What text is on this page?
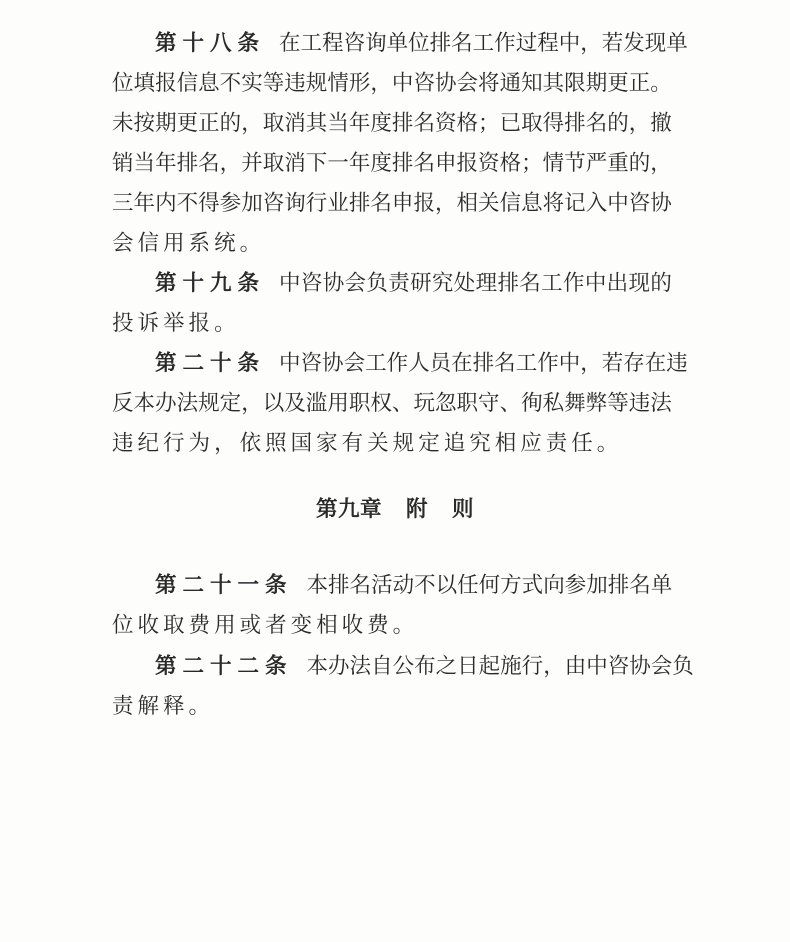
第十八条 在 工 程 咨 询 单 位 排 名 工 作 过 程 中 ， 若 发 现 单
位 填 报 信 息 不 实 等 违 规 情 形 ， 中 咨 协 会 将 通 知 其 限 期 更 正 。
未 按 期 更 正 的 ， 取 消 其 当 年 度 排 名 资 格 ； 已 取 得 排 名 的 ， 撤
销 当 年 排 名 ， 并 取 消 下 一 年 度 排 名 申 报 资 格 ； 情 节 严 重 的 ，
三 年 内 不 得 参 加 咨 询 行 业 排 名 申 报 ， 相 关 信 息 将 记 入 中 咨 协
会 信 用 系 统 。
第十九条 中 咨 协 会 负 责 研 究 处 理 排 名 工 作 中 出 现 的
投 诉 举 报 。
第二十条 中 咨 协 会 工 作 人 员 在 排 名 工 作 中 ， 若 存 在 违
反 本 办 法 规 定 ， 以 及 滥 用 职 权 、 玩 忽 职 守 、 徇 私 舞 弊 等 违 法
违 纪 行 为 ， 依 照 国 家 有 关 规 定 追 究 相 应 责 任 。
第二十一条 本 排 名 活 动 不 以 任 何 方 式 向 参 加 排 名 单
位 收 取 费 用 或 者 变 相 收 费 。
第二十二条 本 办 法 自 公 布 之 日 起 施 行 ， 由 中 咨 协 会 负
责 解 释 。
第九章   附   则
